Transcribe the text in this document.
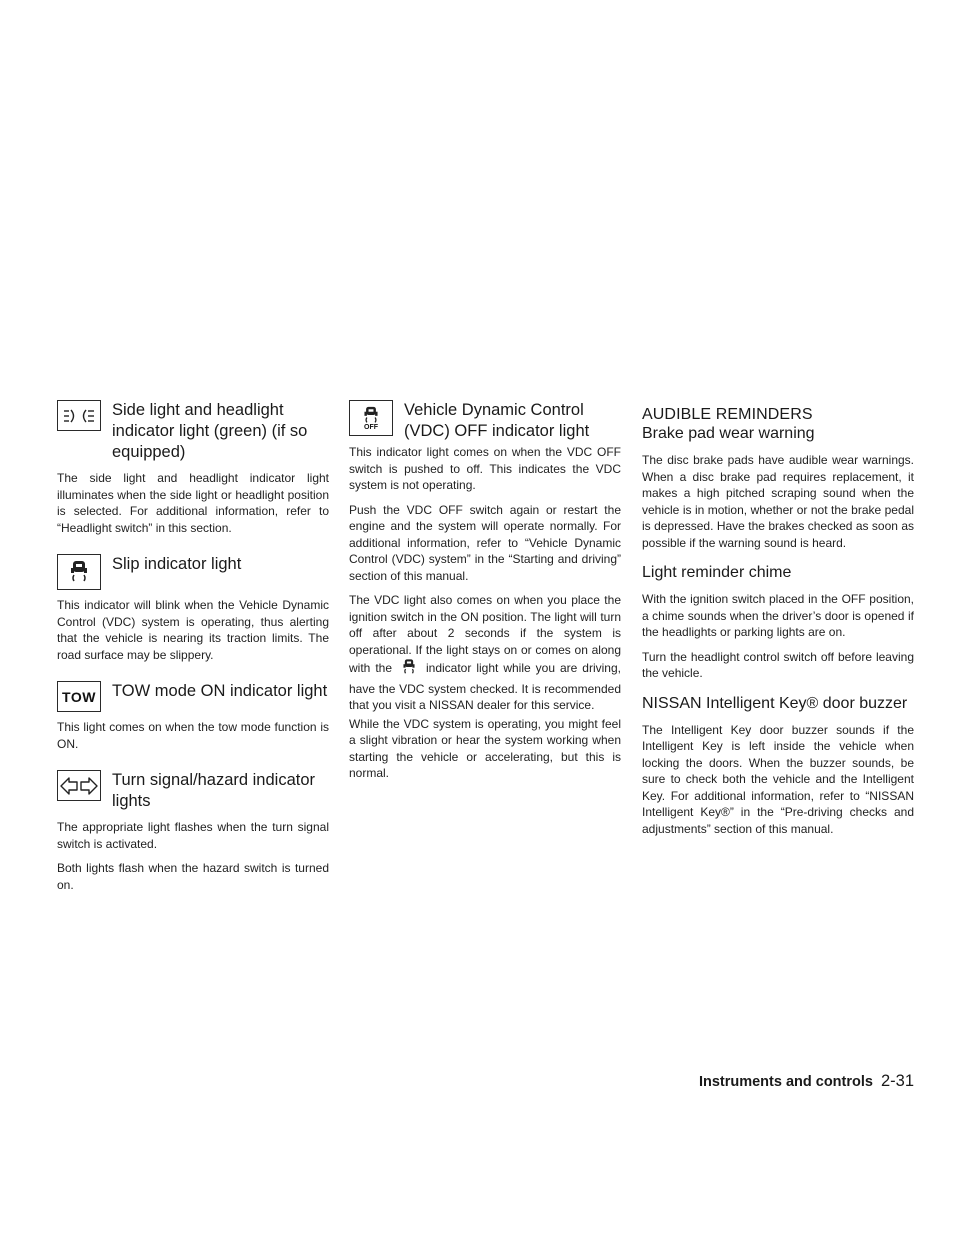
Side light and headlight indicator light (green) (if so equipped)

The side light and headlight indicator light illuminates when the side light or headlight position is selected. For additional information, refer to “Headlight switch” in this section.

Slip indicator light

This indicator will blink when the Vehicle Dynamic Control (VDC) system is operating, thus alerting that the vehicle is nearing its traction limits. The road surface may be slippery.

TOW TOW mode ON indicator light

This light comes on when the tow mode function is ON.

Turn signal/hazard indicator lights

The appropriate light flashes when the turn signal switch is activated.

Both lights flash when the hazard switch is turned on.

OFF
Vehicle Dynamic Control (VDC) OFF indicator light

This indicator light comes on when the VDC OFF switch is pushed to off. This indicates the VDC system is not operating.

Push the VDC OFF switch again or restart the engine and the system will operate normally. For additional information, refer to “Vehicle Dynamic Control (VDC) system” in the “Starting and driving” section of this manual.

The VDC light also comes on when you place the ignition switch in the ON position. The light will turn off after about 2 seconds if the system is operational. If the light stays on or comes on along with the	indicator light while you are driving, have the VDC system checked. It is recommended that you visit a NISSAN dealer for this service.

While the VDC system is operating, you might feel a slight vibration or hear the system working when starting the vehicle or accelerating, but this is normal.

AUDIBLE REMINDERS
Brake pad wear warning

The disc brake pads have audible wear warnings. When a disc brake pad requires replacement, it makes a high pitched scraping sound when the vehicle is in motion, whether or not the brake pedal is depressed. Have the brakes checked as soon as possible if the warning sound is heard.

Light reminder chime

With the ignition switch placed in the OFF position, a chime sounds when the driver’s door is opened if the headlights or parking lights are on.

Turn the headlight control switch off before leaving the vehicle.

NISSAN Intelligent Key® door buzzer

The Intelligent Key door buzzer sounds if the Intelligent Key is left inside the vehicle when locking the doors. When the buzzer sounds, be sure to check both the vehicle and the Intelligent Key. For additional information, refer to “NISSAN Intelligent Key®” in the “Pre-driving checks and adjustments” section of this manual.

Instruments and controls 2-31
